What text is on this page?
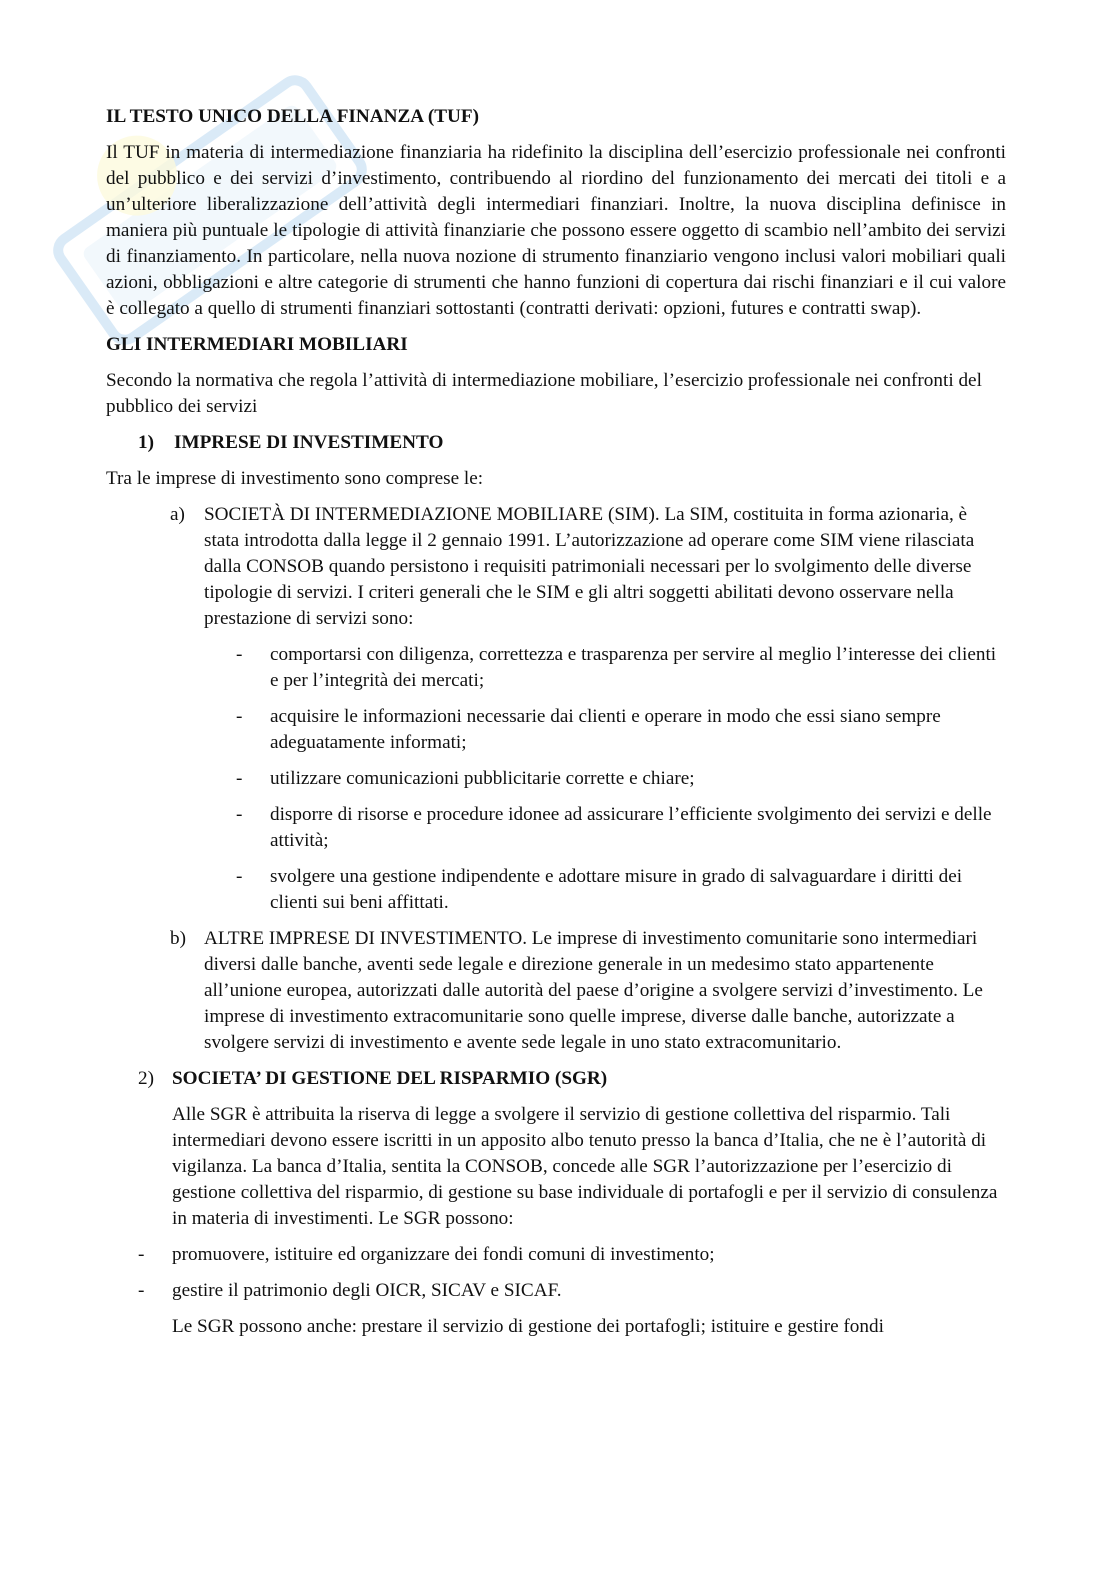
IL TESTO UNICO DELLA FINANZA (TUF)

Il TUF in materia di intermediazione finanziaria ha ridefinito la disciplina dell’esercizio professionale nei confronti del pubblico e dei servizi d’investimento, contribuendo al riordino del funzionamento dei mercati dei titoli e a un’ulteriore liberalizzazione dell’attività degli intermediari finanziari. Inoltre, la nuova disciplina definisce in maniera più puntuale le tipologie di attività finanziarie che possono essere oggetto di scambio nell’ambito dei servizi di finanziamento. In particolare, nella nuova nozione di strumento finanziario vengono inclusi valori mobiliari quali azioni, obbligazioni e altre categorie di strumenti che hanno funzioni di copertura dai rischi finanziari e il cui valore è collegato a quello di strumenti finanziari sottostanti (contratti derivati: opzioni, futures e contratti swap).

GLI INTERMEDIARI MOBILIARI

Secondo la normativa che regola l’attività di intermediazione mobiliare, l’esercizio professionale nei confronti del pubblico dei servizi

1)	IMPRESE DI INVESTIMENTO

Tra le imprese di investimento sono comprese le:

a) SOCIETÀ DI INTERMEDIAZIONE MOBILIARE (SIM). La SIM, costituita in forma azionaria, è stata introdotta dalla legge il 2 gennaio 1991. L’autorizzazione ad operare come SIM viene rilasciata dalla CONSOB quando persistono i requisiti patrimoniali necessari per lo svolgimento delle diverse tipologie di servizi. I criteri generali che le SIM e gli altri soggetti abilitati devono osservare nella prestazione di servizi sono:
-	comportarsi con diligenza, correttezza e trasparenza per servire al meglio l’interesse dei clienti e per l’integrità dei mercati;
-	acquisire le informazioni necessarie dai clienti e operare in modo che essi siano sempre adeguatamente informati;
-	utilizzare comunicazioni pubblicitarie corrette e chiare;
-	disporre di risorse e procedure idonee ad assicurare l’efficiente svolgimento dei servizi e delle attività;
-	svolgere una gestione indipendente e adottare misure in grado di salvaguardare i diritti dei clienti sui beni affittati.
b) ALTRE IMPRESE DI INVESTIMENTO. Le imprese di investimento comunitarie sono intermediari diversi dalle banche, aventi sede legale e direzione generale in un medesimo stato appartenente all’unione europea, autorizzati dalle autorità del paese d’origine a svolgere servizi d’investimento. Le imprese di investimento extracomunitarie sono quelle imprese, diverse dalle banche, autorizzate a svolgere servizi di investimento e avente sede legale in uno stato extracomunitario.
2) SOCIETA’ DI GESTIONE DEL RISPARMIO (SGR)

Alle SGR è attribuita la riserva di legge a svolgere il servizio di gestione collettiva del risparmio. Tali intermediari devono essere iscritti in un apposito albo tenuto presso la banca d’Italia, che ne è l’autorità di vigilanza. La banca d’Italia, sentita la CONSOB, concede alle SGR l’autorizzazione per l’esercizio di gestione collettiva del risparmio, di gestione su base individuale di portafogli e per il servizio di consulenza in materia di investimenti. Le SGR possono:

-	promuovere, istituire ed organizzare dei fondi comuni di investimento;
-	gestire il patrimonio degli OICR, SICAV e SICAF.

Le SGR possono anche: prestare il servizio di gestione dei portafogli; istituire e gestire fondi
